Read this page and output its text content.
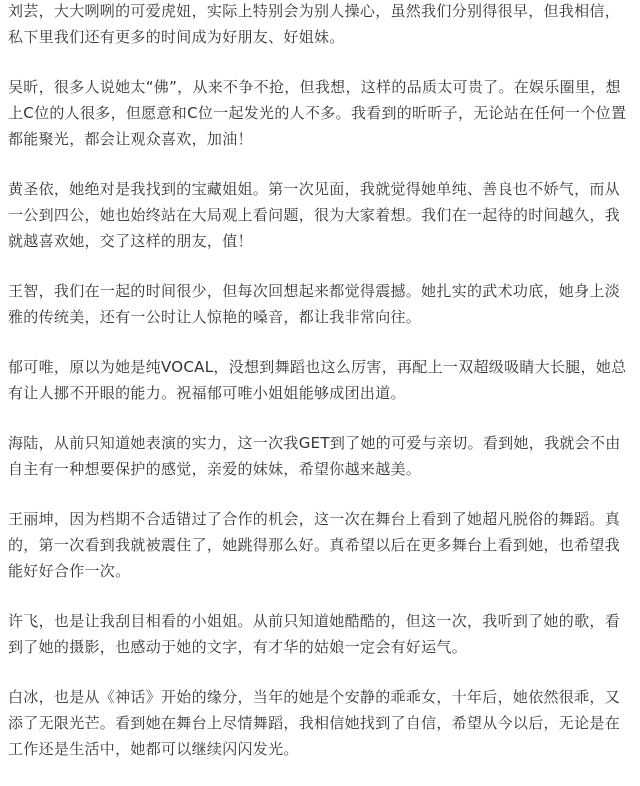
刘芸，大大咧咧的可爱虎妞，实际上特别会为别人操心，虽然我们分别得很早，但我相信，私下里我们还有更多的时间成为好朋友、好姐妹。

吴昕，很多人说她太“佛”，从来不争不抢，但我想，这样的品质太可贵了。在娱乐圈里，想上C位的人很多，但愿意和C位一起发光的人不多。我看到的昕昕子，无论站在任何一个位置都能聚光，都会让观众喜欢，加油！

黄圣依，她绝对是我找到的宝藏姐姐。第一次见面，我就觉得她单纯、善良也不娇气，而从一公到四公，她也始终站在大局观上看问题，很为大家着想。我们在一起待的时间越久，我就越喜欢她，交了这样的朋友，值！

王智，我们在一起的时间很少，但每次回想起来都觉得震撼。她扎实的武术功底，她身上淡雅的传统美，还有一公时让人惊艳的嗓音，都让我非常向往。

郁可唯，原以为她是纯VOCAL，没想到舞蹈也这么厉害，再配上一双超级吸睛大长腿，她总有让人挪不开眼的能力。祝福郁可唯小姐姐能够成团出道。

海陆，从前只知道她表演的实力，这一次我GET到了她的可爱与亲切。看到她，我就会不由自主有一种想要保护的感觉，亲爱的妹妹，希望你越来越美。

王丽坤，因为档期不合适错过了合作的机会，这一次在舞台上看到了她超凡脱俗的舞蹈。真的，第一次看到我就被震住了，她跳得那么好。真希望以后在更多舞台上看到她，也希望我能好好合作一次。

许飞，也是让我刮目相看的小姐姐。从前只知道她酷酷的，但这一次，我听到了她的歌，看到了她的摄影，也感动于她的文字，有才华的姑娘一定会有好运气。

白冰，也是从《神话》开始的缘分，当年的她是个安静的乖乖女，十年后，她依然很乖，又添了无限光芒。看到她在舞台上尽情舞蹈，我相信她找到了自信，希望从今以后，无论是在工作还是生活中，她都可以继续闪闪发光。
